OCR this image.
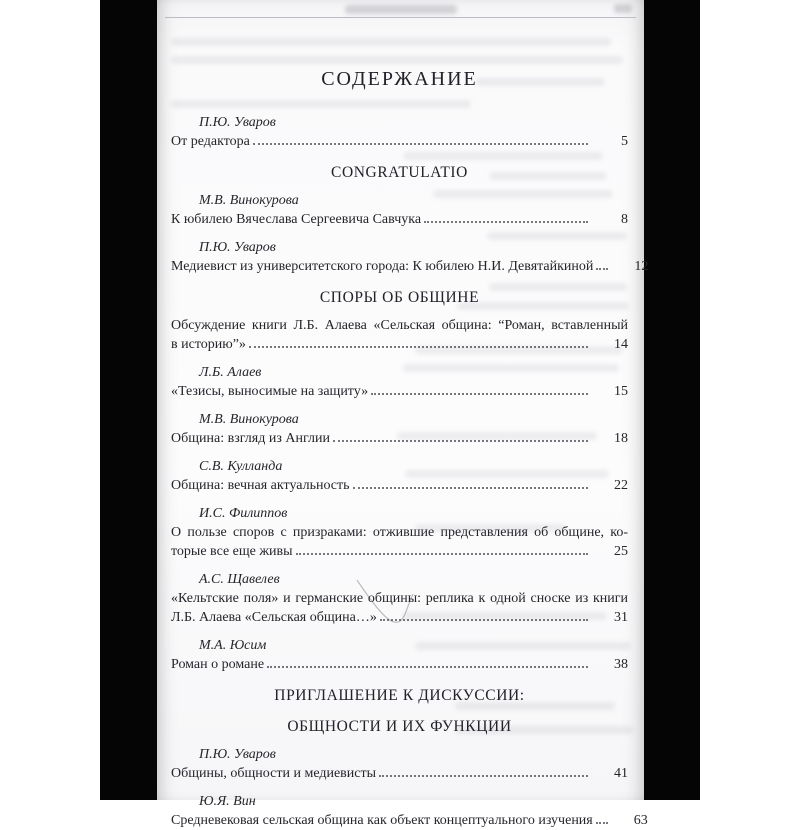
СОДЕРЖАНИЕ
П.Ю. Уваров
От редактора	5
CONGRATULATIO
М.В. Винокурова
К юбилею Вячеслава Сергеевича Савчука	8
П.Ю. Уваров
Медиевист из университетского города: К юбилею Н.И. Девятайкиной	12
СПОРЫ ОБ ОБЩИНЕ
Обсуждение книги Л.Б. Алаева «Сельская община: “Роман, вставленный
в историю”»	14
Л.Б. Алаев
«Тезисы, выносимые на защиту»	15
М.В. Винокурова
Община: взгляд из Англии	18
С.В. Кулланда
Община: вечная актуальность	22
И.С. Филиппов
О пользе споров с призраками: отжившие представления об общине, ко-
торые все еще живы	25
А.С. Щавелев
«Кельтские поля» и германские общины: реплика к одной сноске из книги
Л.Б. Алаева «Сельская община…»	31
М.А. Юсим
Роман о романе	38
ПРИГЛАШЕНИЕ К ДИСКУССИИ:
ОБЩНОСТИ И ИХ ФУНКЦИИ
П.Ю. Уваров
Общины, общности и медиевисты	41
Ю.Я. Вин
Средневековая сельская община как объект концептуального изучения	63
